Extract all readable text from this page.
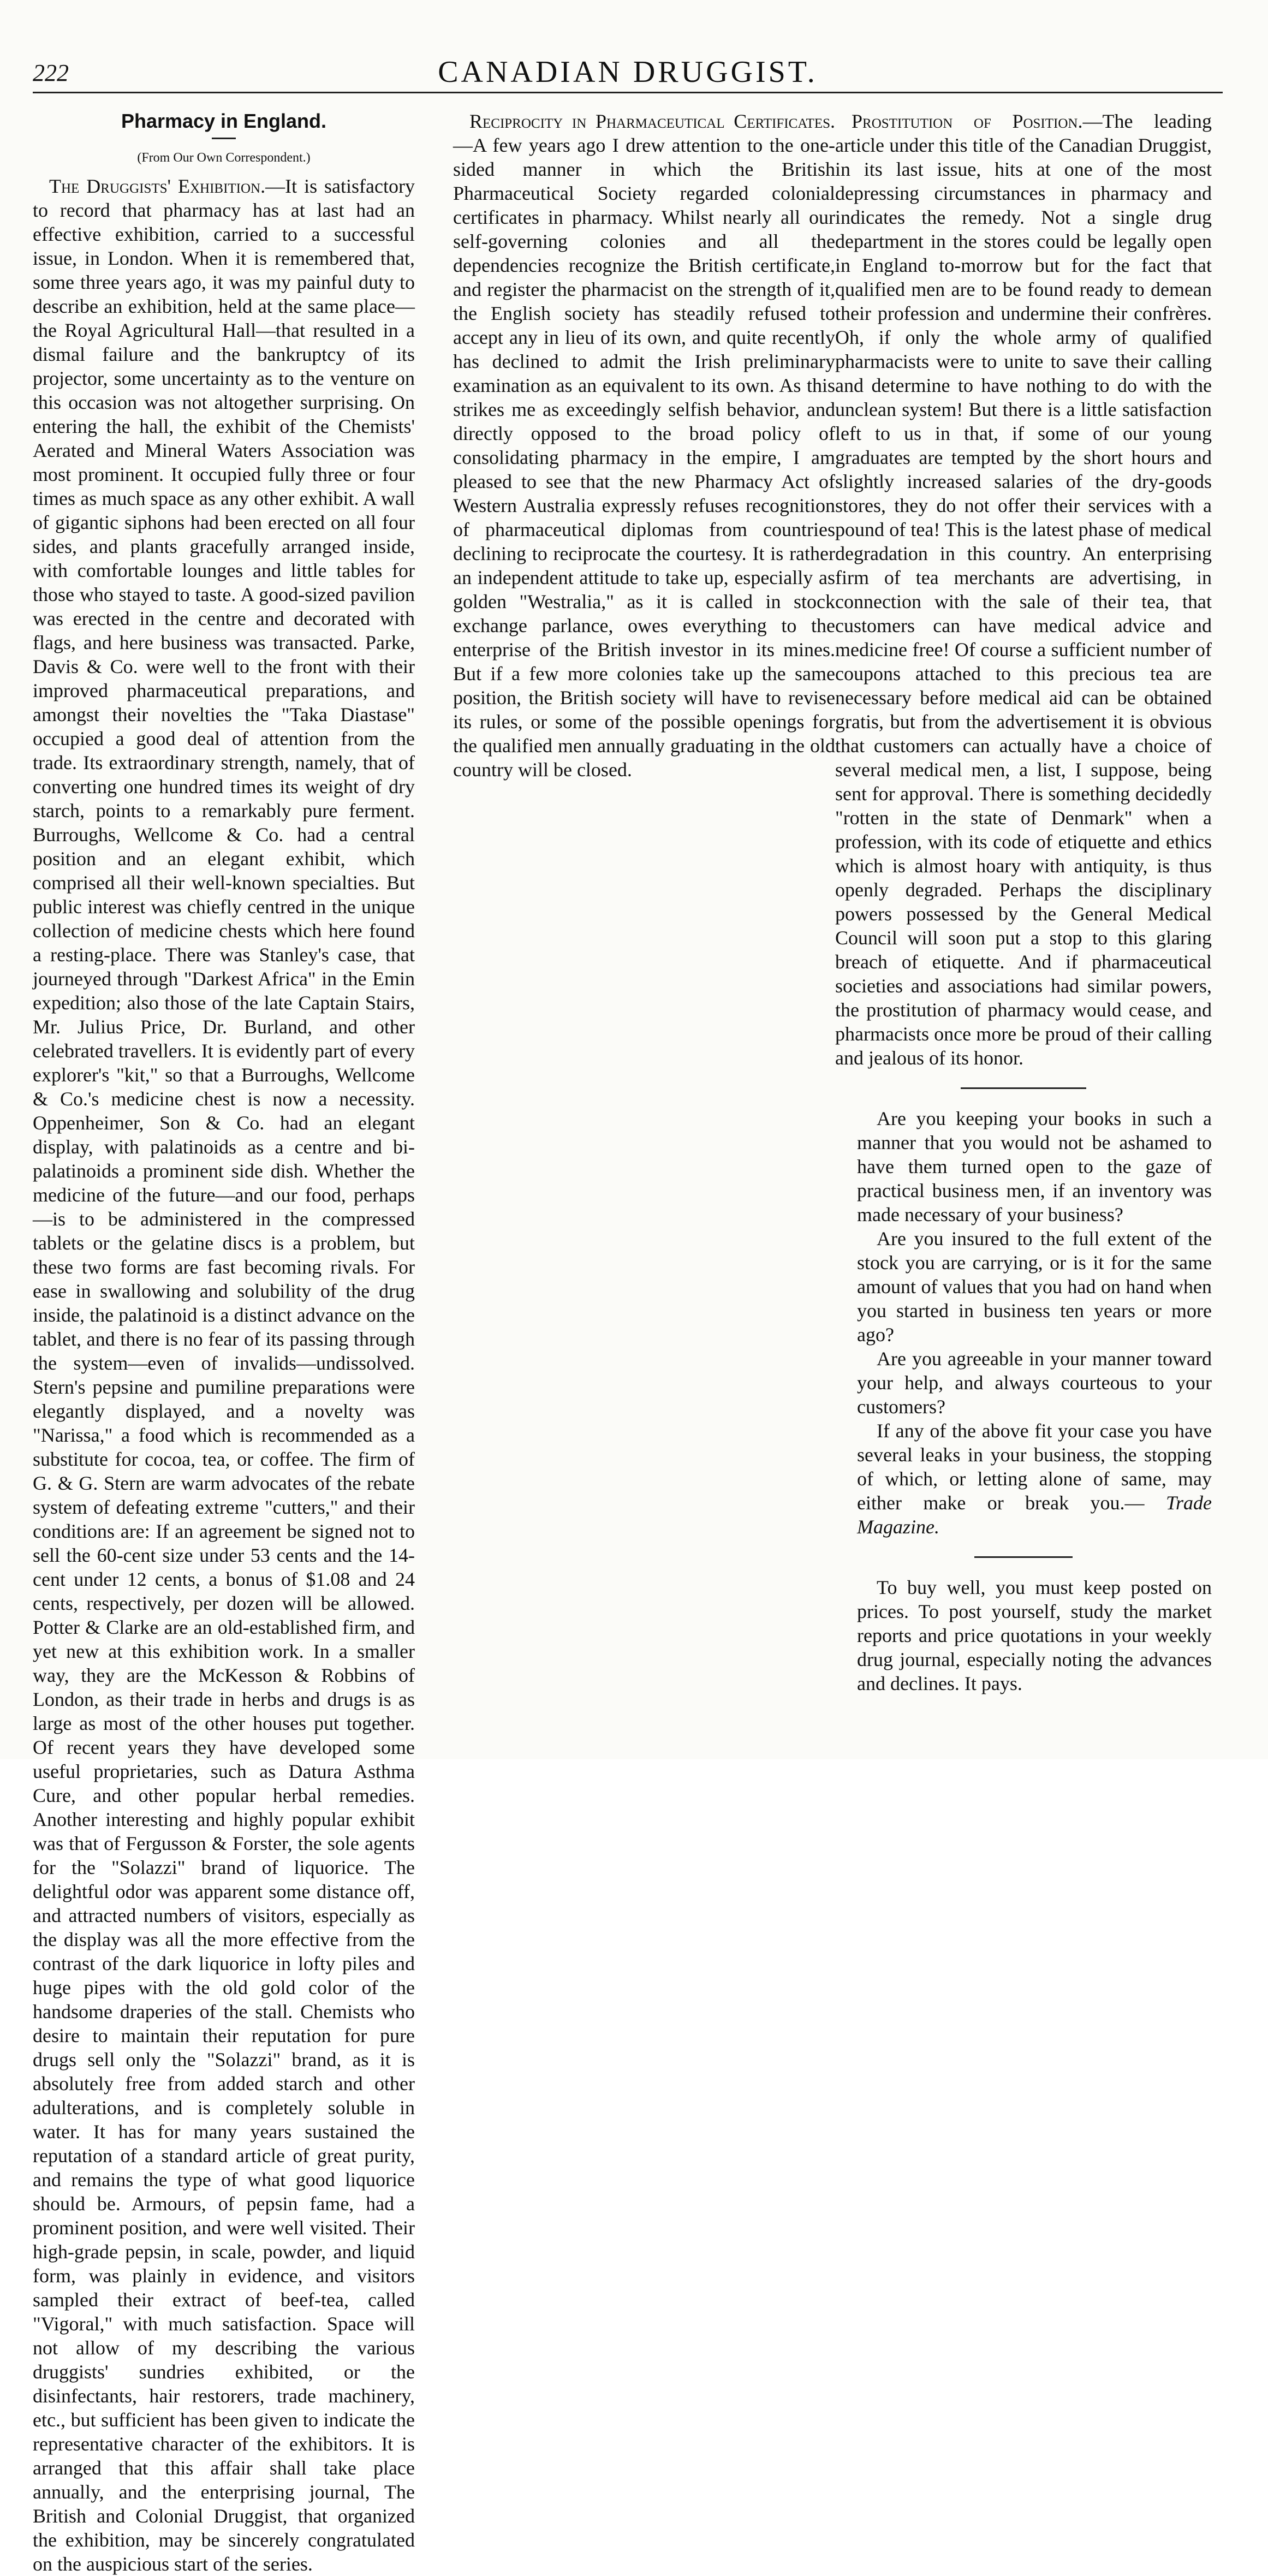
222	CANADIAN DRUGGIST.
Pharmacy in England.
(From Our Own Correspondent.)

The Druggists' Exhibition.—It is satisfactory to record that pharmacy has at last had an effective exhibition, carried to a successful issue, in London. When it is remembered that, some three years ago, it was my painful duty to describe an exhibition, held at the same place—the Royal Agricultural Hall—that resulted in a dismal failure and the bankruptcy of its projector, some uncertainty as to the venture on this occasion was not altogether surprising. On entering the hall, the exhibit of the Chemists' Aerated and Mineral Waters Association was most prominent. It occupied fully three or four times as much space as any other exhibit. A wall of gigantic siphons had been erected on all four sides, and plants gracefully arranged inside, with comfortable lounges and little tables for those who stayed to taste. A good-sized pavilion was erected in the centre and decorated with flags, and here business was transacted. Parke, Davis & Co. were well to the front with their improved pharmaceutical preparations, and amongst their novelties the "Taka Diastase" occupied a good deal of attention from the trade. Its extraordinary strength, namely, that of converting one hundred times its weight of dry starch, points to a remarkably pure ferment. Burroughs, Wellcome & Co. had a central position and an elegant exhibit, which comprised all their well-known specialties. But public interest was chiefly centred in the unique collection of medicine chests which here found a resting-place. There was Stanley's case, that journeyed through "Darkest Africa" in the Emin expedition; also those of the late Captain Stairs, Mr. Julius Price, Dr. Burland, and other celebrated travellers. It is evidently part of every explorer's "kit," so that a Burroughs, Wellcome & Co.'s medicine chest is now a necessity. Oppenheimer, Son & Co. had an elegant display, with palatinoids as a centre and bi-palatinoids a prominent side dish. Whether the medicine of the future—and our food, perhaps—is to be administered in the compressed tablets or the gelatine discs is a problem, but these two forms are fast becoming rivals. For ease in swallowing and solubility of the drug inside, the palatinoid is a distinct advance on the tablet, and there is no fear of its passing through the system—even of invalids—undissolved. Stern's pepsine and pumiline preparations were elegantly displayed, and a novelty was "Narissa," a food which is recommended as a substitute for cocoa, tea, or coffee. The firm of G. & G. Stern are warm advocates of the rebate system of defeating extreme "cutters," and their conditions are: If an agreement be signed not to sell the 60-cent size under 53 cents and the 14-cent under 12 cents, a bonus of $1.08 and 24 cents, respectively, per dozen will be allowed. Potter & Clarke are an old-established firm, and yet new at this exhibition work. In a smaller way, they are the McKesson & Robbins of London, as their trade in herbs and drugs is as large as most of the other houses put together. Of recent years they have developed some useful proprietaries, such as Datura Asthma Cure, and other popular herbal remedies. Another interesting and highly popular exhibit was that of Fergusson & Forster, the sole agents for the "Solazzi" brand of liquorice. The delightful odor was apparent some distance off, and attracted numbers of visitors, especially as the display was all the more effective from the contrast of the dark liquorice in lofty piles and huge pipes with the old gold color of the handsome draperies of the stall. Chemists who desire to maintain their reputation for pure drugs sell only the "Solazzi" brand, as it is absolutely free from added starch and other adulterations, and is completely soluble in water. It has for many years sustained the reputation of a standard article of great purity, and remains the type of what good liquorice should be. Armours, of pepsin fame, had a prominent position, and were well visited. Their high-grade pepsin, in scale, powder, and liquid form, was plainly in evidence, and visitors sampled their extract of beef-tea, called "Vigoral," with much satisfaction. Space will not allow of my describing the various druggists' sundries exhibited, or the disinfectants, hair restorers, trade machinery, etc., but sufficient has been given to indicate the representative character of the exhibitors. It is arranged that this affair shall take place annually, and the enterprising journal, The British and Colonial Druggist, that organized the exhibition, may be sincerely congratulated on the auspicious start of the series.

Reciprocity in Pharmaceutical Certificates.—A few years ago I drew attention to the one-sided manner in which the British Pharmaceutical Society regarded colonial certificates in pharmacy. Whilst nearly all our self-governing colonies and all the dependencies recognize the British certificate, and register the pharmacist on the strength of it, the English society has steadily refused to accept any in lieu of its own, and quite recently has declined to admit the Irish preliminary examination as an equivalent to its own. As this strikes me as exceedingly selfish behavior, and directly opposed to the broad policy of consolidating pharmacy in the empire, I am pleased to see that the new Pharmacy Act of Western Australia expressly refuses recognition of pharmaceutical diplomas from countries declining to reciprocate the courtesy. It is rather an independent attitude to take up, especially as golden "Westralia," as it is called in stock exchange parlance, owes everything to the enterprise of the British investor in its mines. But if a few more colonies take up the same position, the British society will have to revise its rules, or some of the possible openings for the qualified men annually graduating in the old country will be closed.

Prostitution of Position.—The leading article under this title of the Canadian Druggist, in its last issue, hits at one of the most depressing circumstances in pharmacy and indicates the remedy. Not a single drug department in the stores could be legally open in England to-morrow but for the fact that qualified men are to be found ready to demean their profession and undermine their confrères. Oh, if only the whole army of qualified pharmacists were to unite to save their calling and determine to have nothing to do with the unclean system! But there is a little satisfaction left to us in that, if some of our young graduates are tempted by the short hours and slightly increased salaries of the dry-goods stores, they do not offer their services with a pound of tea! This is the latest phase of medical degradation in this country. An enterprising firm of tea merchants are advertising, in connection with the sale of their tea, that customers can have medical advice and medicine free! Of course a sufficient number of coupons attached to this precious tea are necessary before medical aid can be obtained gratis, but from the advertisement it is obvious that customers can actually have a choice of several medical men, a list, I suppose, being sent for approval. There is something decidedly "rotten in the state of Denmark" when a profession, with its code of etiquette and ethics which is almost hoary with antiquity, is thus openly degraded. Perhaps the disciplinary powers possessed by the General Medical Council will soon put a stop to this glaring breach of etiquette. And if pharmaceutical societies and associations had similar powers, the prostitution of pharmacy would cease, and pharmacists once more be proud of their calling and jealous of its honor.

Are you keeping your books in such a manner that you would not be ashamed to have them turned open to the gaze of practical business men, if an inventory was made necessary of your business?

Are you insured to the full extent of the stock you are carrying, or is it for the same amount of values that you had on hand when you started in business ten years or more ago?

Are you agreeable in your manner toward your help, and always courteous to your customers?

If any of the above fit your case you have several leaks in your business, the stopping of which, or letting alone of same, may either make or break you.— Trade Magazine.

To buy well, you must keep posted on prices. To post yourself, study the market reports and price quotations in your weekly drug journal, especially noting the advances and declines. It pays.
